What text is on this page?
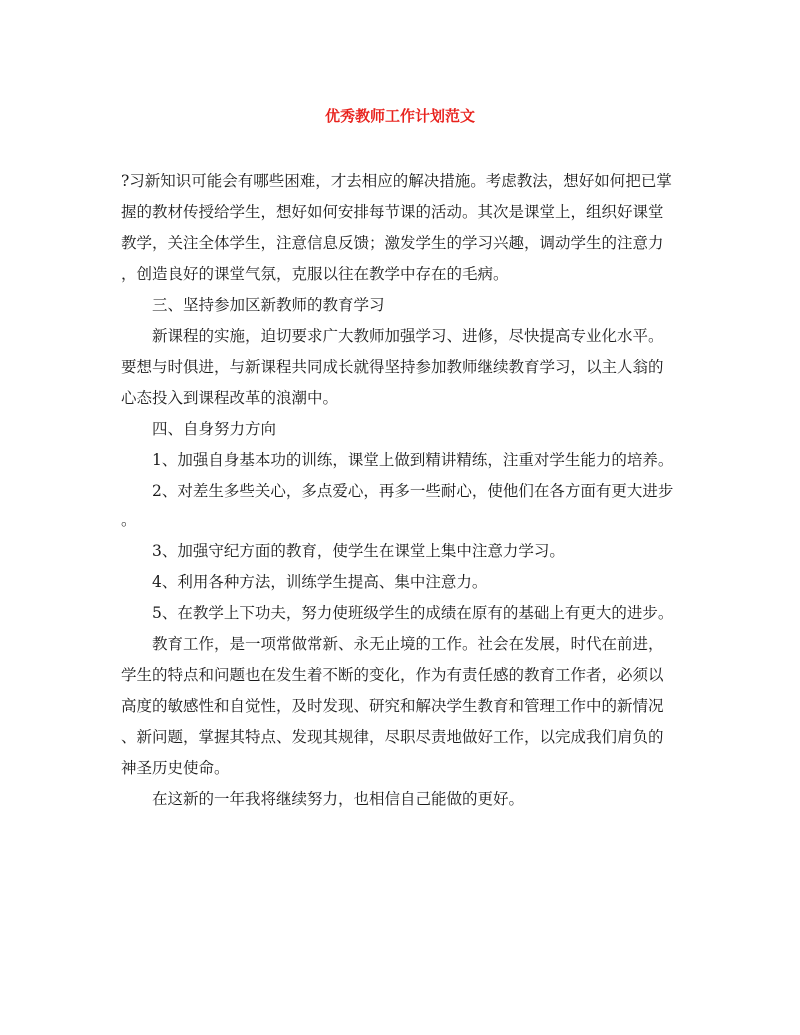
优秀教师工作计划范文
?习新知识可能会有哪些困难，才去相应的解决措施。考虑教法，想好如何把已掌
握的教材传授给学生，想好如何安排每节课的活动。其次是课堂上，组织好课堂
教学，关注全体学生，注意信息反馈；激发学生的学习兴趣，调动学生的注意力
，创造良好的课堂气氛，克服以往在教学中存在的毛病。
三、坚持参加区新教师的教育学习
新课程的实施，迫切要求广大教师加强学习、进修，尽快提高专业化水平。
要想与时俱进，与新课程共同成长就得坚持参加教师继续教育学习，以主人翁的
心态投入到课程改革的浪潮中。
四、自身努力方向
1、加强自身基本功的训练，课堂上做到精讲精练，注重对学生能力的培养。
2、对差生多些关心，多点爱心，再多一些耐心，使他们在各方面有更大进步
。
3、加强守纪方面的教育，使学生在课堂上集中注意力学习。
4、利用各种方法，训练学生提高、集中注意力。
5、在教学上下功夫，努力使班级学生的成绩在原有的基础上有更大的进步。
教育工作，是一项常做常新、永无止境的工作。社会在发展，时代在前进，
学生的特点和问题也在发生着不断的变化，作为有责任感的教育工作者，必须以
高度的敏感性和自觉性，及时发现、研究和解决学生教育和管理工作中的新情况
、新问题，掌握其特点、发现其规律，尽职尽责地做好工作，以完成我们肩负的
神圣历史使命。
在这新的一年我将继续努力，也相信自己能做的更好。
